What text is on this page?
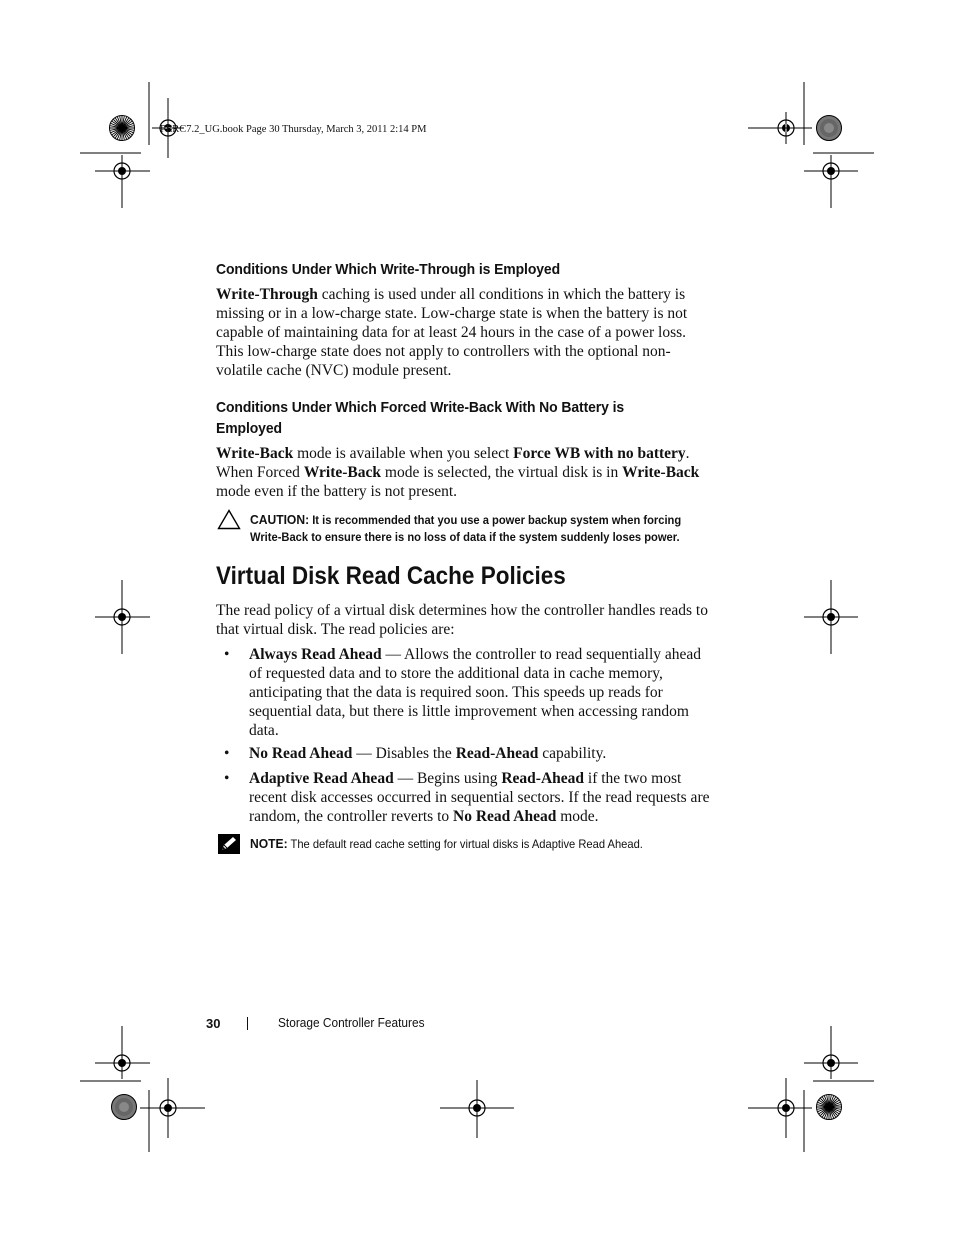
PERC7.2_UG.book Page 30 Thursday, March 3, 2011 2:14 PM
Conditions Under Which Write-Through is Employed
Write-Through caching is used under all conditions in which the battery is missing or in a low-charge state. Low-charge state is when the battery is not capable of maintaining data for at least 24 hours in the case of a power loss. This low-charge state does not apply to controllers with the optional non-volatile cache (NVC) module present.
Conditions Under Which Forced Write-Back With No Battery is
Employed
Write-Back mode is available when you select Force WB with no battery. When Forced Write-Back mode is selected, the virtual disk is in Write-Back mode even if the battery is not present.
CAUTION: It is recommended that you use a power backup system when forcing Write-Back to ensure there is no loss of data if the system suddenly loses power.
Virtual Disk Read Cache Policies
The read policy of a virtual disk determines how the controller handles reads to that virtual disk. The read policies are:
• Always Read Ahead — Allows the controller to read sequentially ahead of requested data and to store the additional data in cache memory, anticipating that the data is required soon. This speeds up reads for sequential data, but there is little improvement when accessing random data.
• No Read Ahead — Disables the Read-Ahead capability.
• Adaptive Read Ahead — Begins using Read-Ahead if the two most recent disk accesses occurred in sequential sectors. If the read requests are random, the controller reverts to No Read Ahead mode.
NOTE: The default read cache setting for virtual disks is Adaptive Read Ahead.
30	Storage Controller Features
